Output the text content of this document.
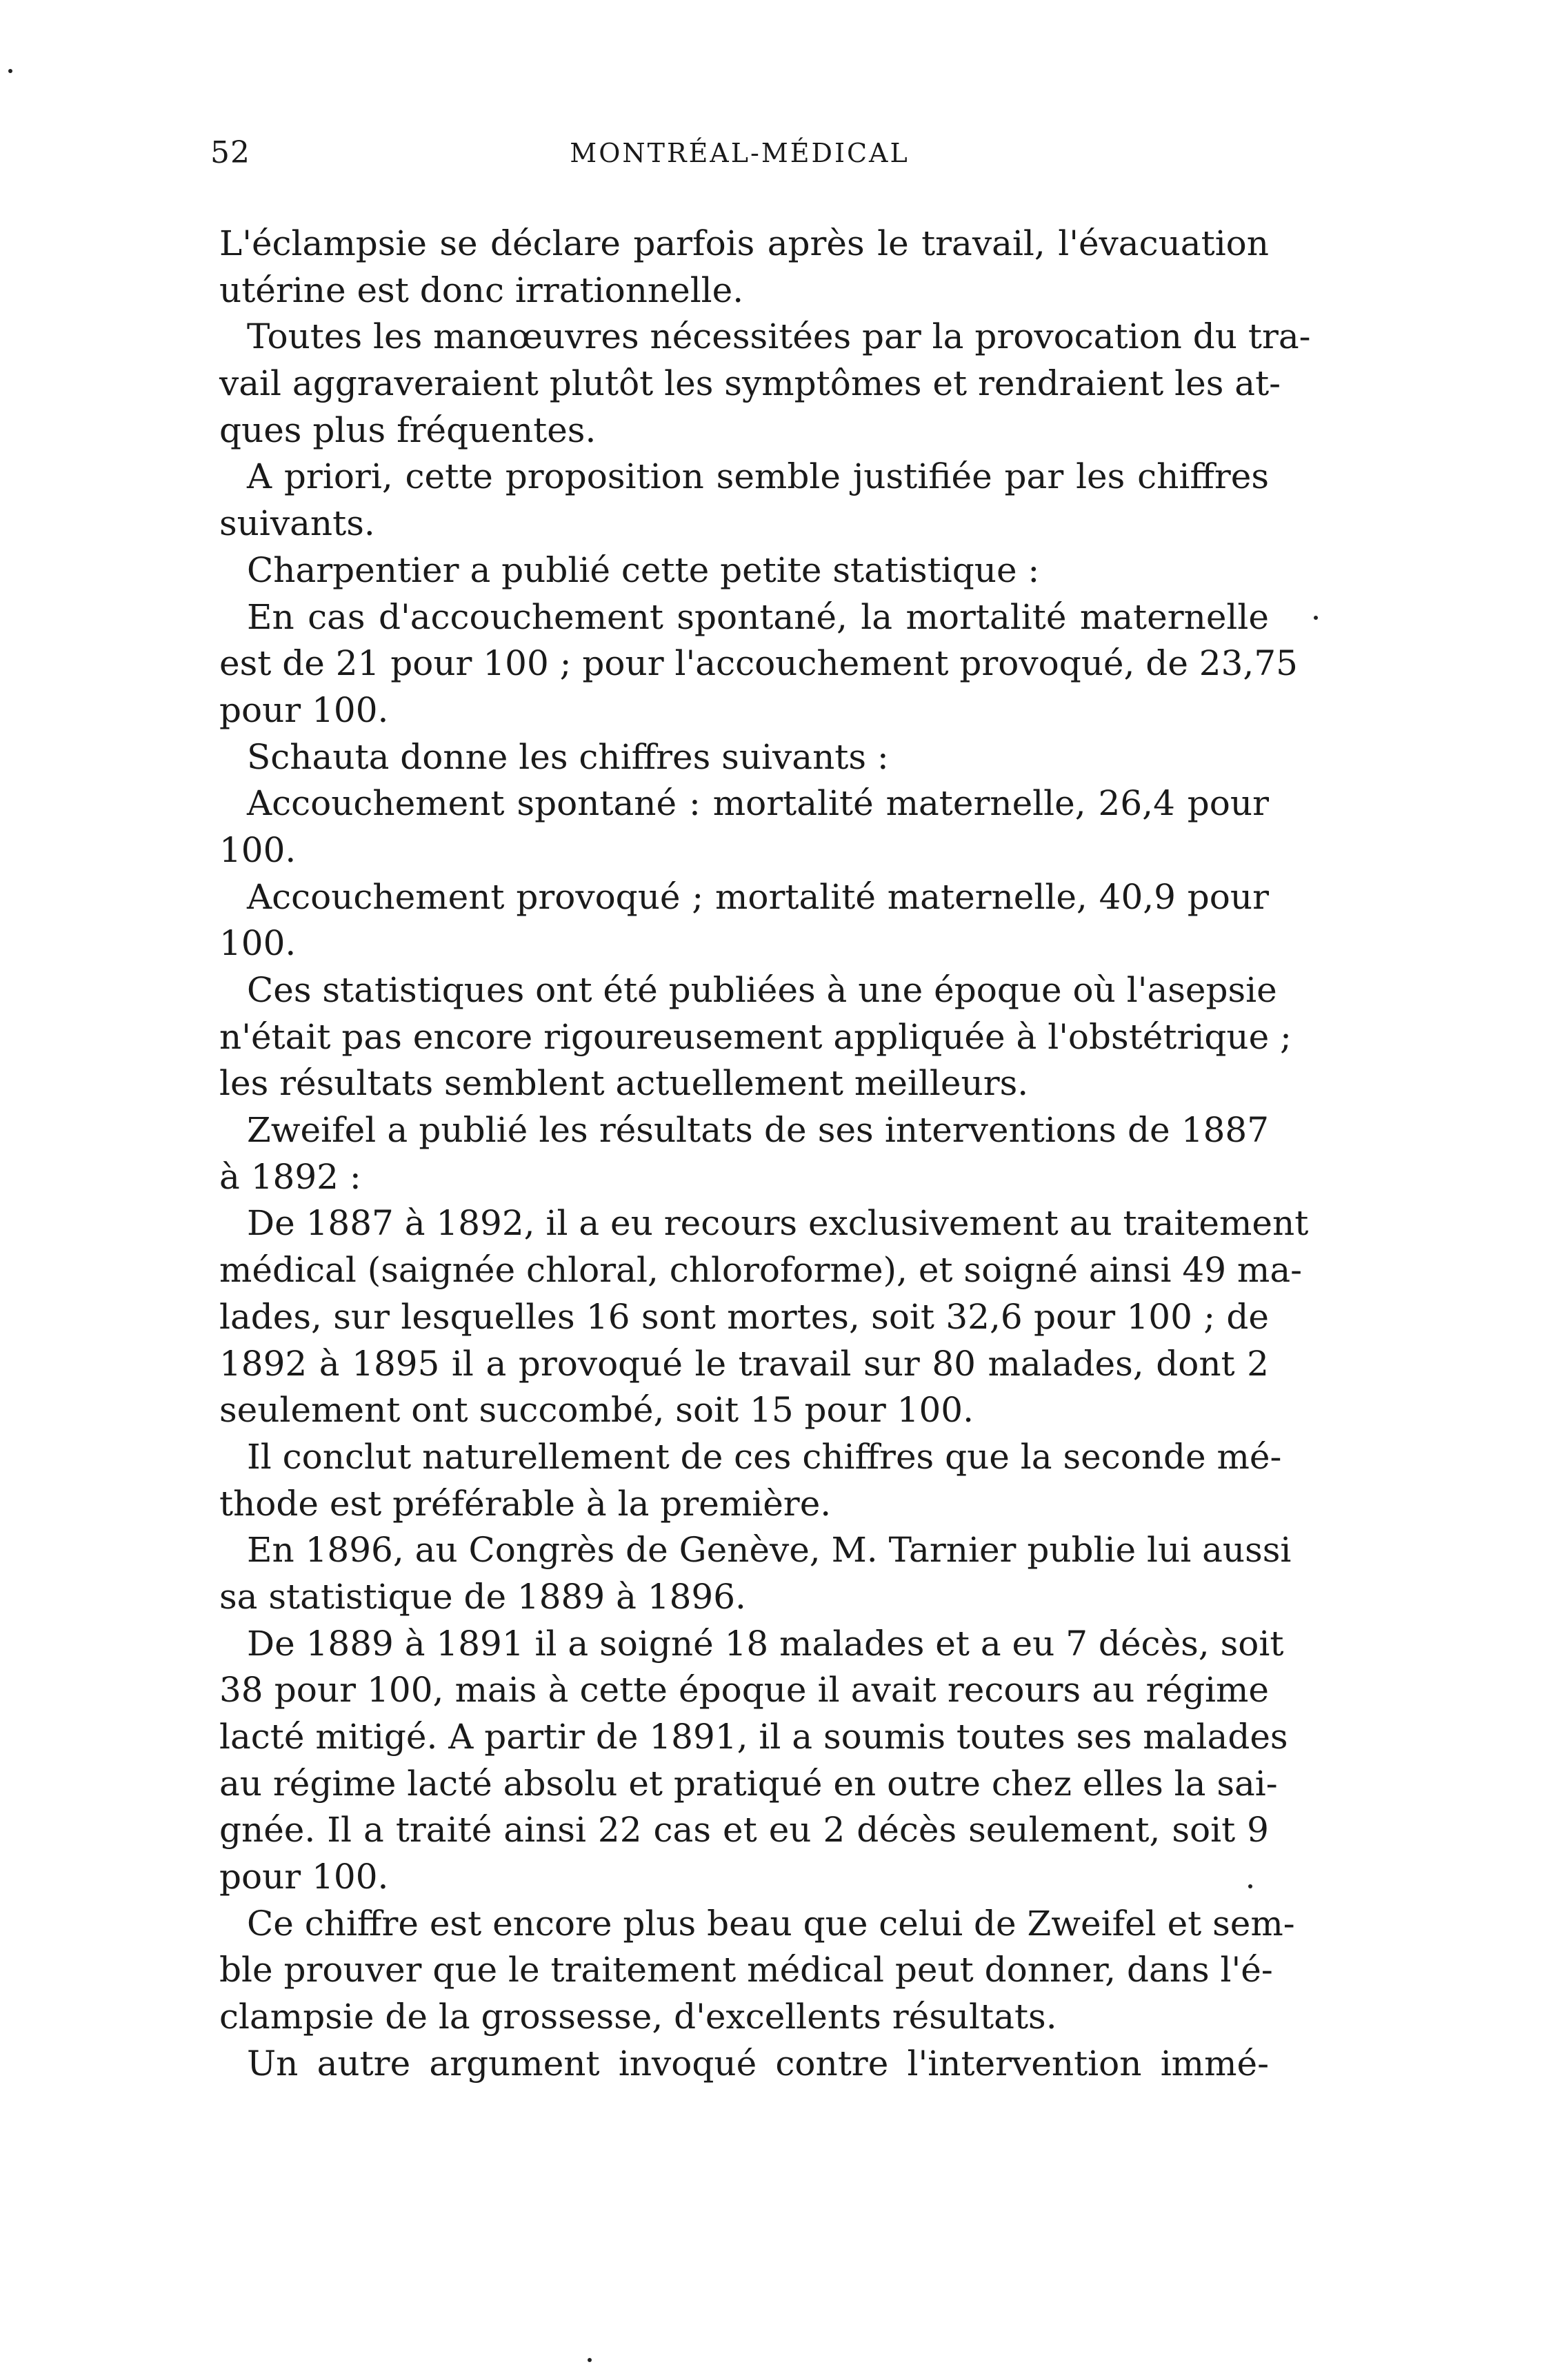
52	MONTRÉAL-MÉDICAL
L'éclampsie se déclare parfois après le travail, l'évacuation
utérine est donc irrationnelle.
Toutes les manœuvres nécessitées par la provocation du tra-
vail aggraveraient plutôt les symptômes et rendraient les at-
ques plus fréquentes.
A priori, cette proposition semble justifiée par les chiffres
suivants.
Charpentier a publié cette petite statistique :
En cas d'accouchement spontané, la mortalité maternelle
est de 21 pour 100 ; pour l'accouchement provoqué, de 23,75
pour 100.
Schauta donne les chiffres suivants :
Accouchement spontané : mortalité maternelle, 26,4 pour
100.
Accouchement provoqué ; mortalité maternelle, 40,9 pour
100.
Ces statistiques ont été publiées à une époque où l'asepsie
n'était pas encore rigoureusement appliquée à l'obstétrique ;
les résultats semblent actuellement meilleurs.
Zweifel a publié les résultats de ses interventions de 1887
à 1892 :
De 1887 à 1892, il a eu recours exclusivement au traitement
médical (saignée chloral, chloroforme), et soigné ainsi 49 ma-
lades, sur lesquelles 16 sont mortes, soit 32,6 pour 100 ; de
1892 à 1895 il a provoqué le travail sur 80 malades, dont 2
seulement ont succombé, soit 15 pour 100.
Il conclut naturellement de ces chiffres que la seconde mé-
thode est préférable à la première.
En 1896, au Congrès de Genève, M. Tarnier publie lui aussi
sa statistique de 1889 à 1896.
De 1889 à 1891 il a soigné 18 malades et a eu 7 décès, soit
38 pour 100, mais à cette époque il avait recours au régime
lacté mitigé. A partir de 1891, il a soumis toutes ses malades
au régime lacté absolu et pratiqué en outre chez elles la sai-
gnée. Il a traité ainsi 22 cas et eu 2 décès seulement, soit 9
pour 100.
Ce chiffre est encore plus beau que celui de Zweifel et sem-
ble prouver que le traitement médical peut donner, dans l'é-
clampsie de la grossesse, d'excellents résultats.
Un autre argument invoqué contre l'intervention immé-
